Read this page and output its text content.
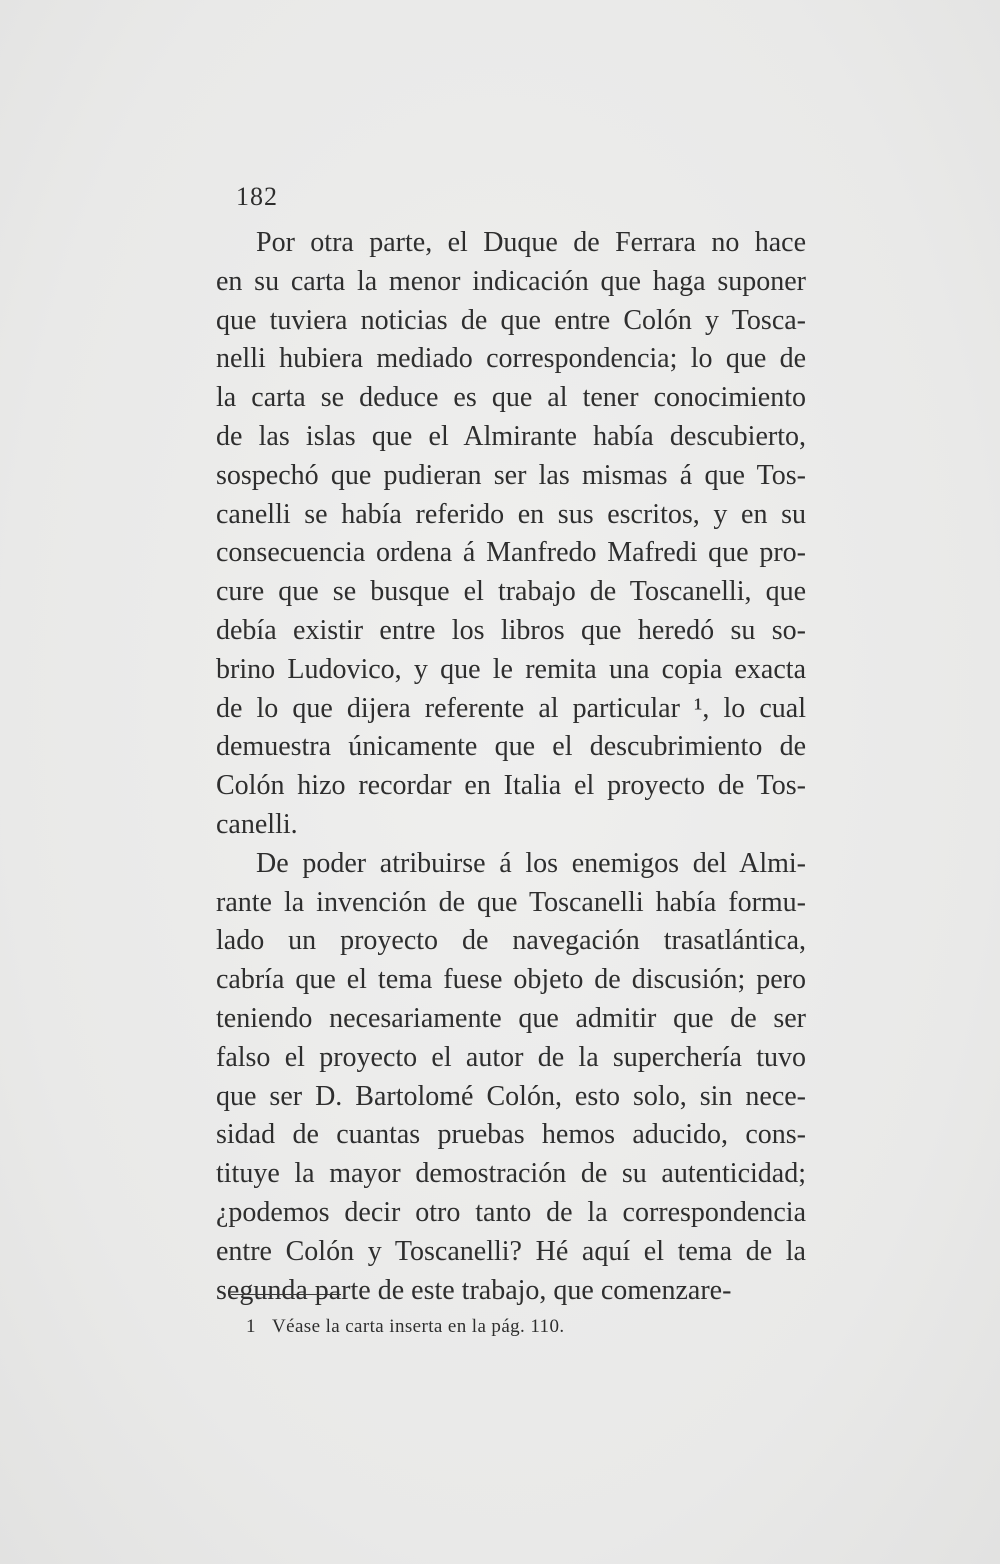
182
Por otra parte, el Duque de Ferrara no hace
en su carta la menor indicación que haga suponer
que tuviera noticias de que entre Colón y Tosca-
nelli hubiera mediado correspondencia; lo que de
la carta se deduce es que al tener conocimiento
de las islas que el Almirante había descubierto,
sospechó que pudieran ser las mismas á que Tos-
canelli se había referido en sus escritos, y en su
consecuencia ordena á Manfredo Mafredi que pro-
cure que se busque el trabajo de Toscanelli, que
debía existir entre los libros que heredó su so-
brino Ludovico, y que le remita una copia exacta
de lo que dijera referente al particular ¹, lo cual
demuestra únicamente que el descubrimiento de
Colón hizo recordar en Italia el proyecto de Tos-
canelli.
De poder atribuirse á los enemigos del Almi-
rante la invención de que Toscanelli había formu-
lado un proyecto de navegación trasatlántica,
cabría que el tema fuese objeto de discusión; pero
teniendo necesariamente que admitir que de ser
falso el proyecto el autor de la superchería tuvo
que ser D. Bartolomé Colón, esto solo, sin nece-
sidad de cuantas pruebas hemos aducido, cons-
tituye la mayor demostración de su autenticidad;
¿podemos decir otro tanto de la correspondencia
entre Colón y Toscanelli? Hé aquí el tema de la
segunda parte de este trabajo, que comenzare-
1 Véase la carta inserta en la pág. 110.
